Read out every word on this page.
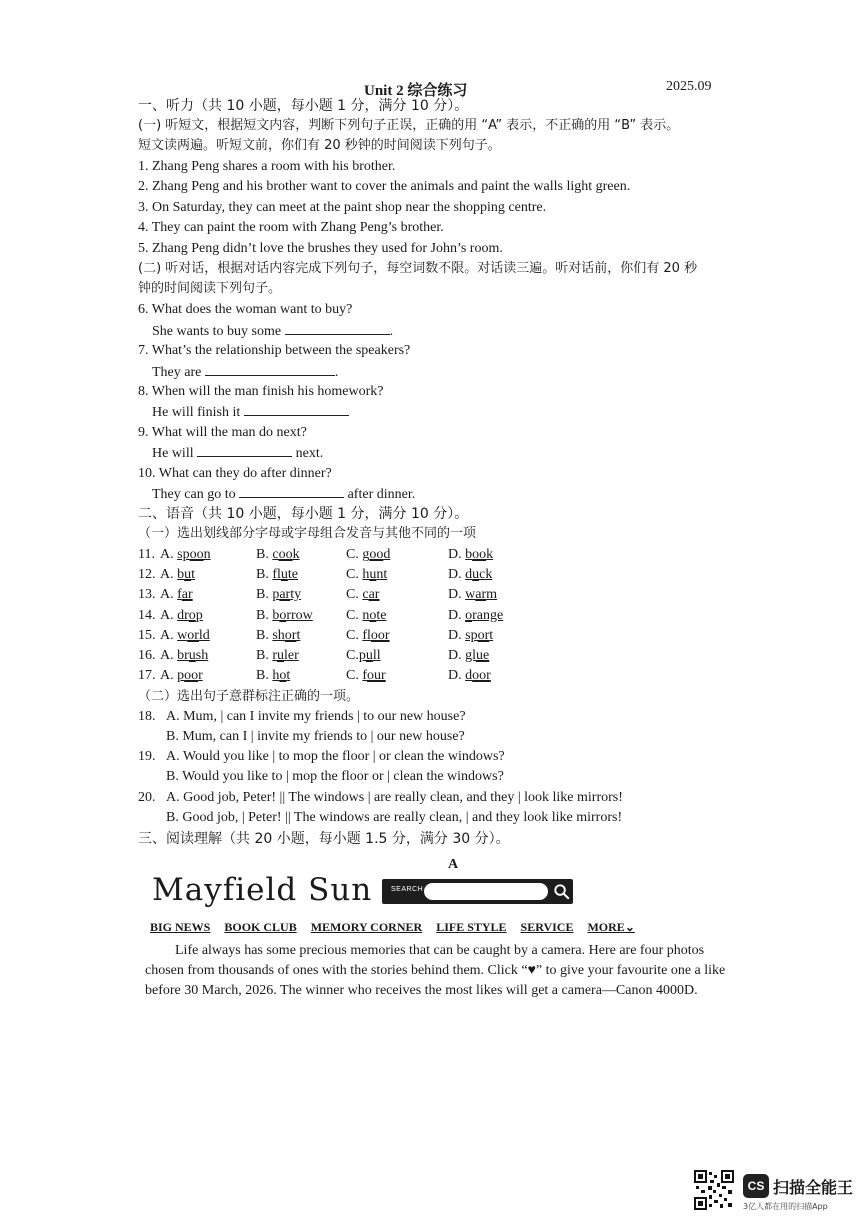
Unit 2 综合练习	2025.09
一、听力（共 10 小题，每小题 1 分，满分 10 分）。
(一) 听短文，根据短文内容，判断下列句子正误，正确的用 “A” 表示，不正确的用 “B” 表示。
短文读两遍。听短文前，你们有 20 秒钟的时间阅读下列句子。
1. Zhang Peng shares a room with his brother.
2. Zhang Peng and his brother want to cover the animals and paint the walls light green.
3. On Saturday, they can meet at the paint shop near the shopping centre.
4. They can paint the room with Zhang Peng’s brother.
5. Zhang Peng didn’t love the brushes they used for John’s room.
(二) 听对话，根据对话内容完成下列句子，每空词数不限。对话读三遍。听对话前，你们有 20 秒
钟的时间阅读下列句子。
6. What does the woman want to buy?
She wants to buy some	.
7. What’s the relationship between the speakers?
They are	.
8. When will the man finish his homework?
He will finish it
9. What will the man do next?
He will	next.
10. What can they do after dinner?
They can go to	after dinner.
二、语音（共 10 小题，每小题 1 分，满分 10 分）。
（一）选出划线部分字母或字母组合发音与其他不同的一项
11. A. spoon	B. cook	C. good	D. book
12. A. but	B. flute	C. hunt	D. duck
13. A. far	B. party	C. car	D. warm
14. A. drop	B. borrow C. note	D. orange
15. A. world	B. short	C. floor	D. sport
16. A. brush	B. ruler	C.pull	D. glue
17. A. poor	B. hot	C. four	D. door
（二）选出句子意群标注正确的一项。
18. A. Mum, | can I invite my friends | to our new house?
B. Mum, can I | invite my friends to | our new house?
19. A. Would you like | to mop the floor | or clean the windows?
B. Would you like to | mop the floor or | clean the windows?
20. A. Good job, Peter! || The windows | are really clean, and they | look like mirrors!
B. Good job, | Peter! || The windows are really clean, | and they look like mirrors!
三、阅读理解（共 20 小题，每小题 1.5 分，满分 30 分）。
A
Mayfield Sun	SEARCH
BIG NEWS BOOK CLUB MEMORY CORNER LIFE STYLE SERVICE MORE⌄
Life always has some precious memories that can be caught by a camera. Here are four photos
chosen from thousands of ones with the stories behind them. Click “♥” to give your favourite one a like
before 30 March, 2026. The winner who receives the most likes will get a camera—Canon 4000D.
CS 扫描全能王
3亿人都在用的扫描App
